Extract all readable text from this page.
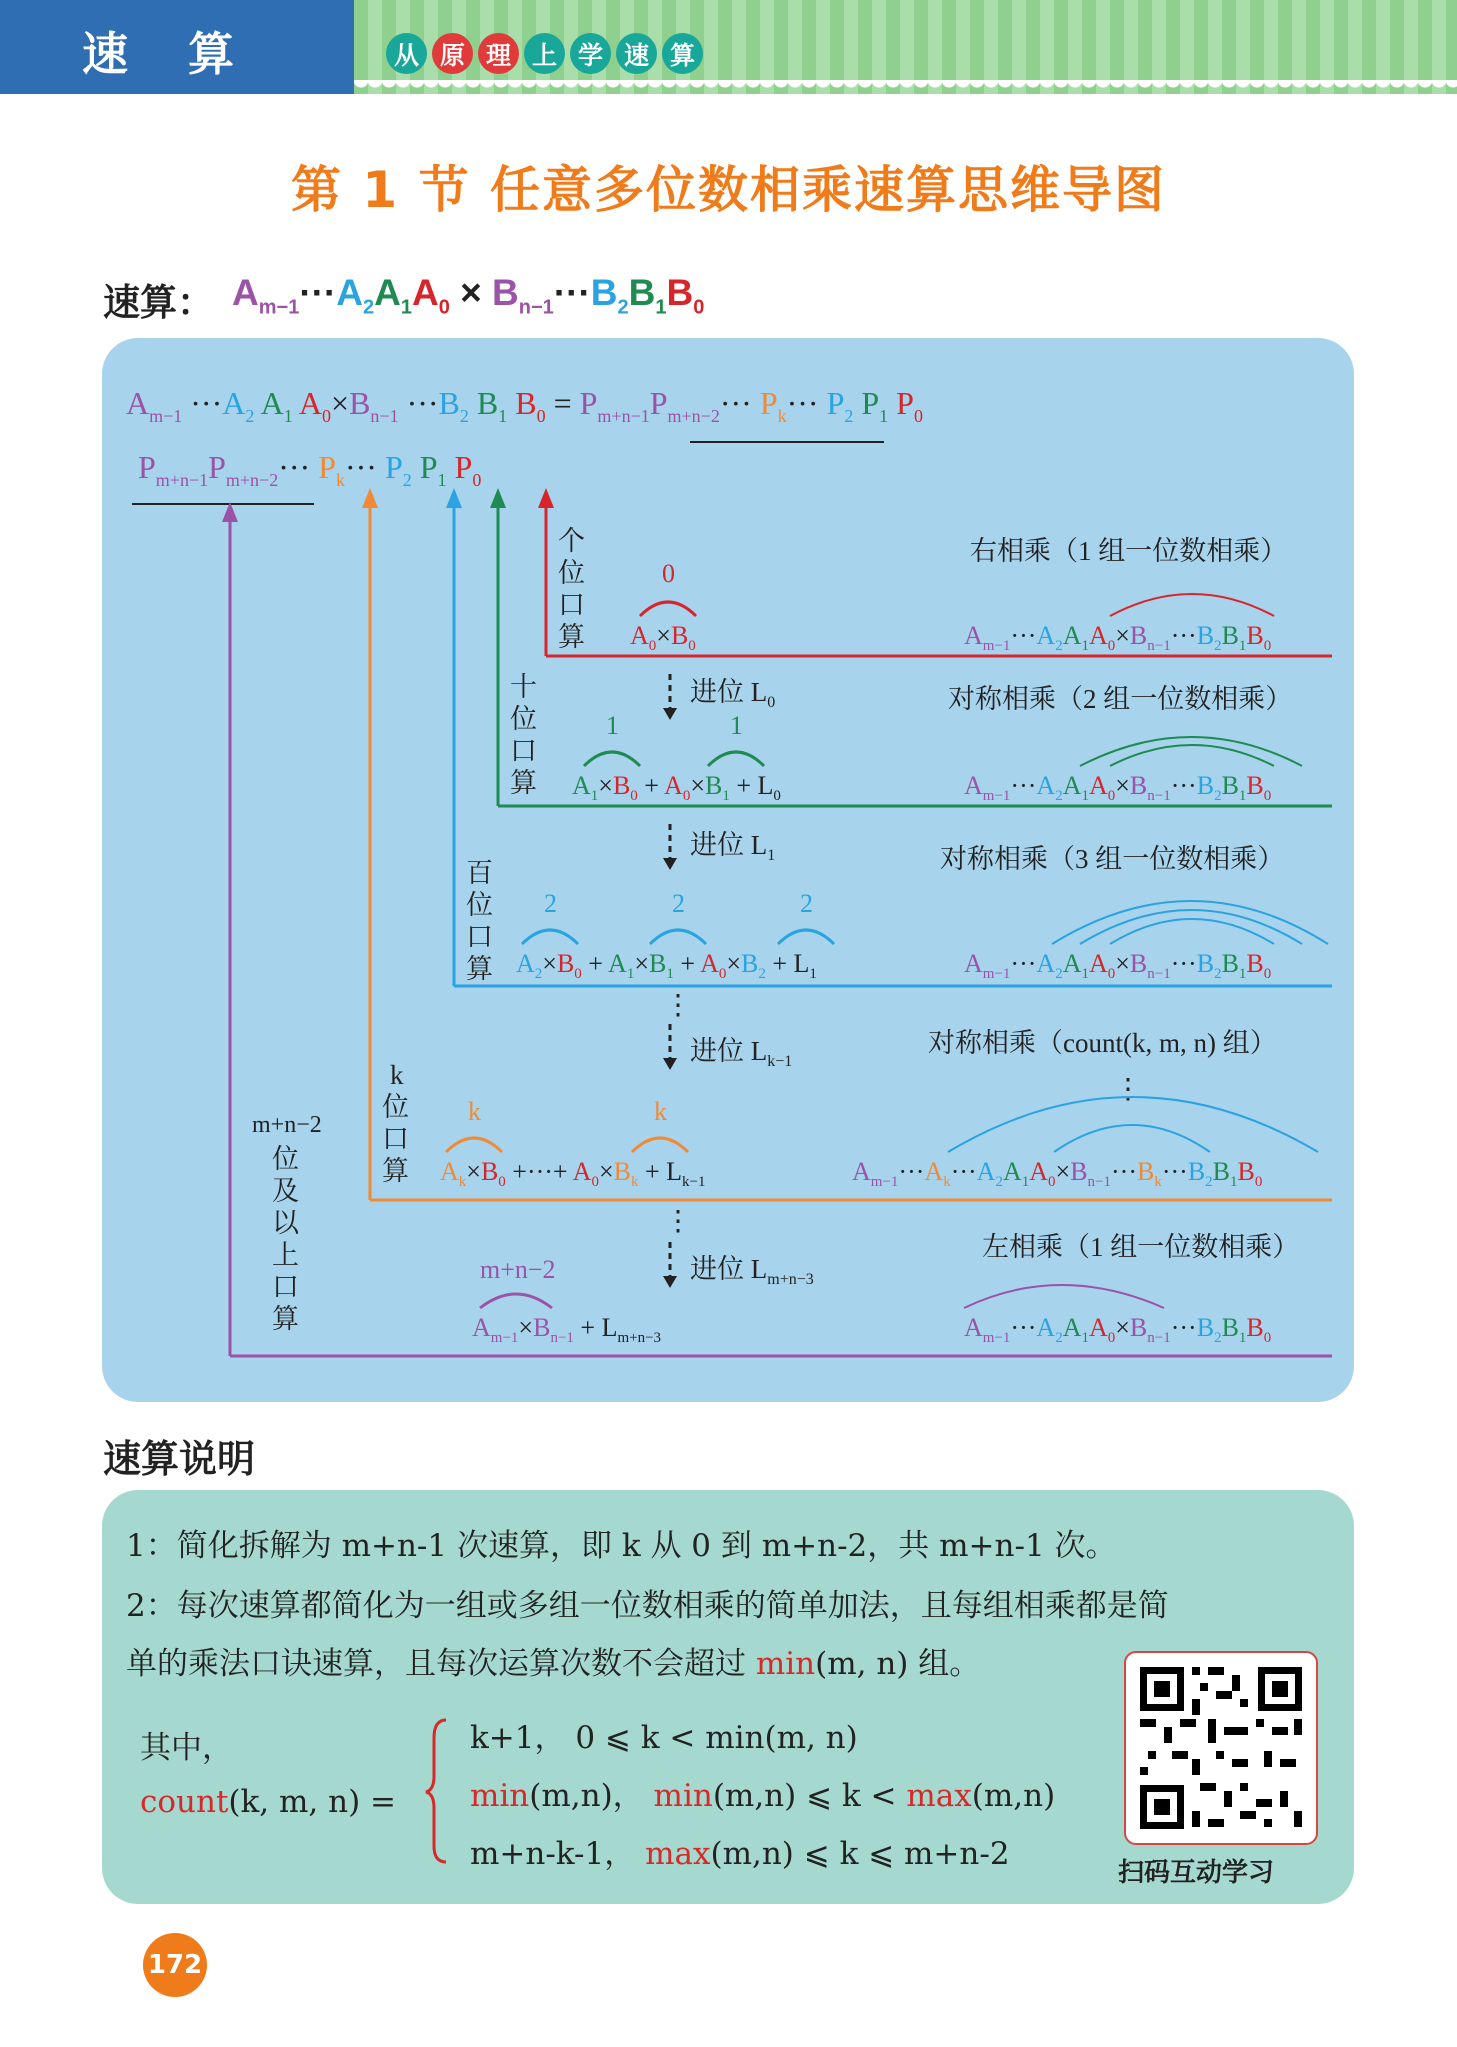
速 算 帮
从 原 理 上 学 速 算
第 1 节 任意多位数相乘速算思维导图
速算： $A_{m-1}\cdot\cdot\cdot A_2A_1A_0 \times B_{n-1}\cdot\cdot\cdot B_2B_1B_0$
$A_{m-1} \cdot\cdot\cdot A_2$ $A_1$ $A_0\times B_{n-1} \cdot\cdot\cdot B_2$ $B_1$ $B_0 = P_{m+n-1}P_{m+n-2}\cdot\cdot\cdot P_k\cdot\cdot\cdot P_2$ $P_1$ $P_0$
$P_{m+n-1}P_{m+n-2}\cdot\cdot\cdot P_k\cdot\cdot\cdot P_2$ $P_1$ $P_0$
个
位
口
算
十
位
口
算
百
位
口
算
k
位
口
算
m+n−2
位
及
以
上
口
算
右相乘（1 组一位数相乘）
对称相乘（2 组一位数相乘）
对称相乘（3 组一位数相乘）
对称相乘（count(k, m, n) 组）
左相乘（1 组一位数相乘）
进位 $L_0$
进位 $L_1$
⋮
进位 $L_{k-1}$
⋮
进位 $L_{m+n-3}$
0
$A_0\times B_0$	$A_{m-1}\cdot\cdot\cdot A_2A_1A_0\times B_{n-1}\cdot\cdot\cdot B_2B_1B_0$
1	1
$A_1\times B_0 + A_0\times B_1 + L_0$	$A_{m-1}\cdot\cdot\cdot A_2A_1A_0\times B_{n-1}\cdot\cdot\cdot B_2B_1B_0$
2	2	2
$A_2\times B_0 + A_1\times B_1 + A_0\times B_2 + L_1$	$A_{m-1}\cdot\cdot\cdot A_2A_1A_0\times B_{n-1}\cdot\cdot\cdot B_2B_1B_0$
k	k
$A_k\times B_0$ +···+ $A_0\times B_k + L_{k-1}$
⋮
$A_{m-1}\cdot\cdot\cdot A_k\cdot\cdot\cdot A_2A_1A_0\times B_{n-1}\cdot\cdot\cdot B_k\cdot\cdot\cdot B_2B_1B_0$
m+n−2
$A_{m-1}\times B_{n-1} + L_{m+n-3}$	$A_{m-1}\cdot\cdot\cdot A_2A_1A_0\times B_{n-1}\cdot\cdot\cdot B_2B_1B_0$
速算说明
1：简化拆解为 m+n-1 次速算，即 k 从 0 到 m+n-2，共 m+n-1 次。
2：每次速算都简化为一组或多组一位数相乘的简单加法，且每组相乘都是简
单的乘法口诀速算，且每次运算次数不会超过 min(m, n) 组。
其中，
count(k, m, n) =
k+1， 0 ⩽ k < min(m, n)
min(m,n)， min(m,n) ⩽ k < max(m,n)
m+n-k-1， max(m,n) ⩽ k ⩽ m+n-2
扫码互动学习
172
